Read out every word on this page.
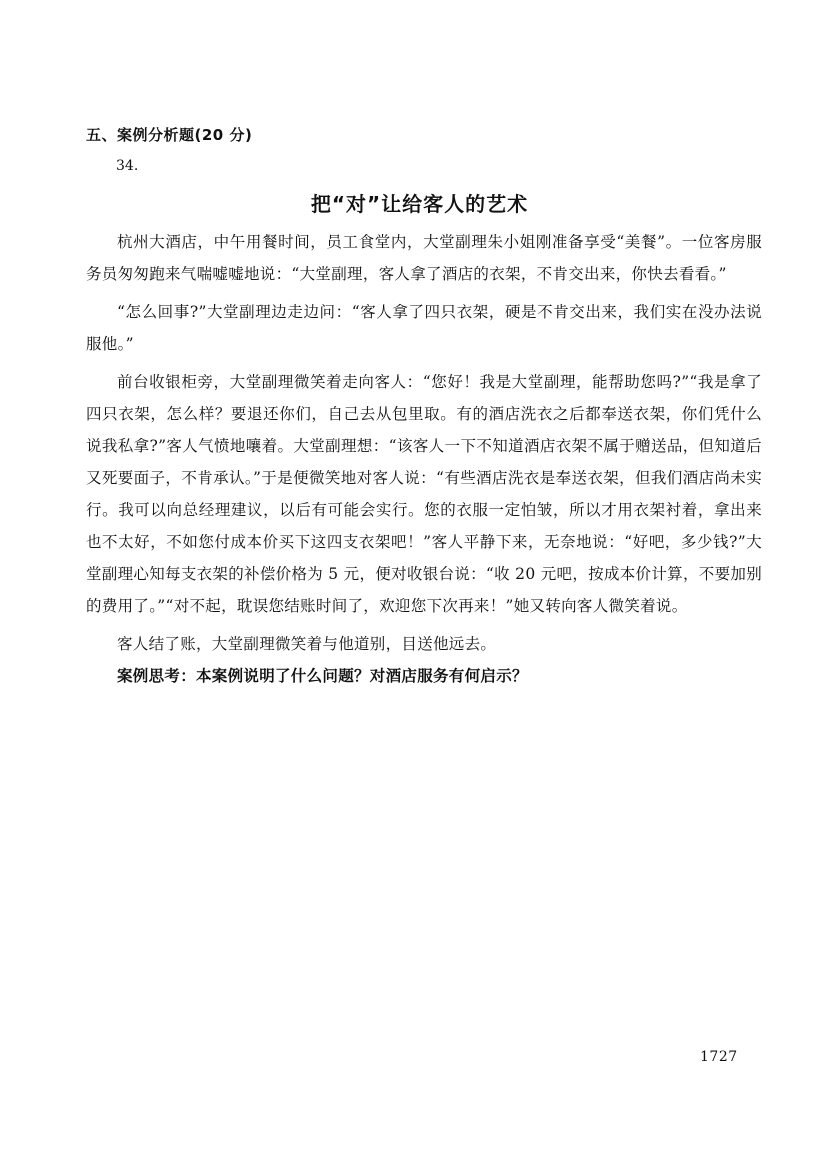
五、案例分析题(20 分)
34.
把“对”让给客人的艺术

杭州大酒店，中午用餐时间，员工食堂内，大堂副理朱小姐刚准备享受“美餐”。一位客房服务员匆匆跑来气喘嘘嘘地说：“大堂副理，客人拿了酒店的衣架，不肯交出来，你快去看看。”

“怎么回事?”大堂副理边走边问：“客人拿了四只衣架，硬是不肯交出来，我们实在没办法说服他。”

前台收银柜旁，大堂副理微笑着走向客人：“您好！我是大堂副理，能帮助您吗?”“我是拿了四只衣架，怎么样？要退还你们，自己去从包里取。有的酒店洗衣之后都奉送衣架，你们凭什么说我私拿?”客人气愤地嚷着。大堂副理想：“该客人一下不知道酒店衣架不属于赠送品，但知道后又死要面子，不肯承认。”于是便微笑地对客人说：“有些酒店洗衣是奉送衣架，但我们酒店尚未实行。我可以向总经理建议，以后有可能会实行。您的衣服一定怕皱，所以才用衣架衬着，拿出来也不太好，不如您付成本价买下这四支衣架吧！”客人平静下来，无奈地说：“好吧，多少钱?”大堂副理心知每支衣架的补偿价格为 5 元，便对收银台说：“收 20 元吧，按成本价计算，不要加别的费用了。”“对不起，耽误您结账时间了，欢迎您下次再来！”她又转向客人微笑着说。

客人结了账，大堂副理微笑着与他道别，目送他远去。

案例思考：本案例说明了什么问题？对酒店服务有何启示？

1727
